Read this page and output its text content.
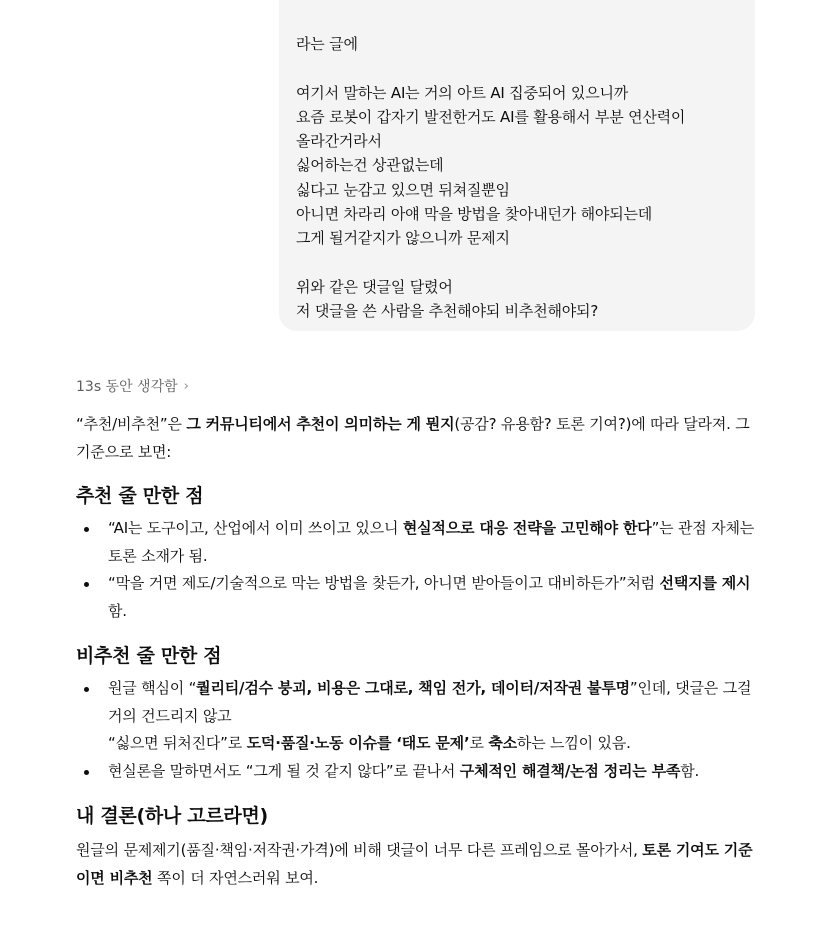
라는 글에
여기서 말하는 AI는 거의 아트 AI 집중되어 있으니까
요즘 로봇이 갑자기 발전한거도 AI를 활용해서 부분 연산력이
올라간거라서
싫어하는건 상관없는데
싫다고 눈감고 있으면 뒤쳐질뿐임
아니면 차라리 아얘 막을 방법을 찾아내던가 해야되는데
그게 될거같지가 않으니까 문제지
위와 같은 댓글일 달렸어
저 댓글을 쓴 사람을 추천해야되 비추천해야되?
13s 동안 생각함 ›

“추천/비추천”은 그 커뮤니티에서 추천이 의미하는 게 뭔지(공감? 유용함? 토론 기여?)에 따라 달라져. 그 기준으로 보면:

추천 줄 만한 점
“AI는 도구이고, 산업에서 이미 쓰이고 있으니 현실적으로 대응 전략을 고민해야 한다”는 관점 자체는 토론 소재가 됨.
“막을 거면 제도/기술적으로 막는 방법을 찾든가, 아니면 받아들이고 대비하든가”처럼 선택지를 제시함.
비추천 줄 만한 점
원글 핵심이 “퀄리티/검수 붕괴, 비용은 그대로, 책임 전가, 데이터/저작권 불투명”인데, 댓글은 그걸 거의 건드리지 않고
“싫으면 뒤처진다”로 도덕·품질·노동 이슈를 ‘태도 문제’로 축소하는 느낌이 있음.
현실론을 말하면서도 “그게 될 것 같지 않다”로 끝나서 구체적인 해결책/논점 정리는 부족함.
내 결론(하나 고르라면)

원글의 문제제기(품질·책임·저작권·가격)에 비해 댓글이 너무 다른 프레임으로 몰아가서, 토론 기여도 기준이면 비추천 쪽이 더 자연스러워 보여.
